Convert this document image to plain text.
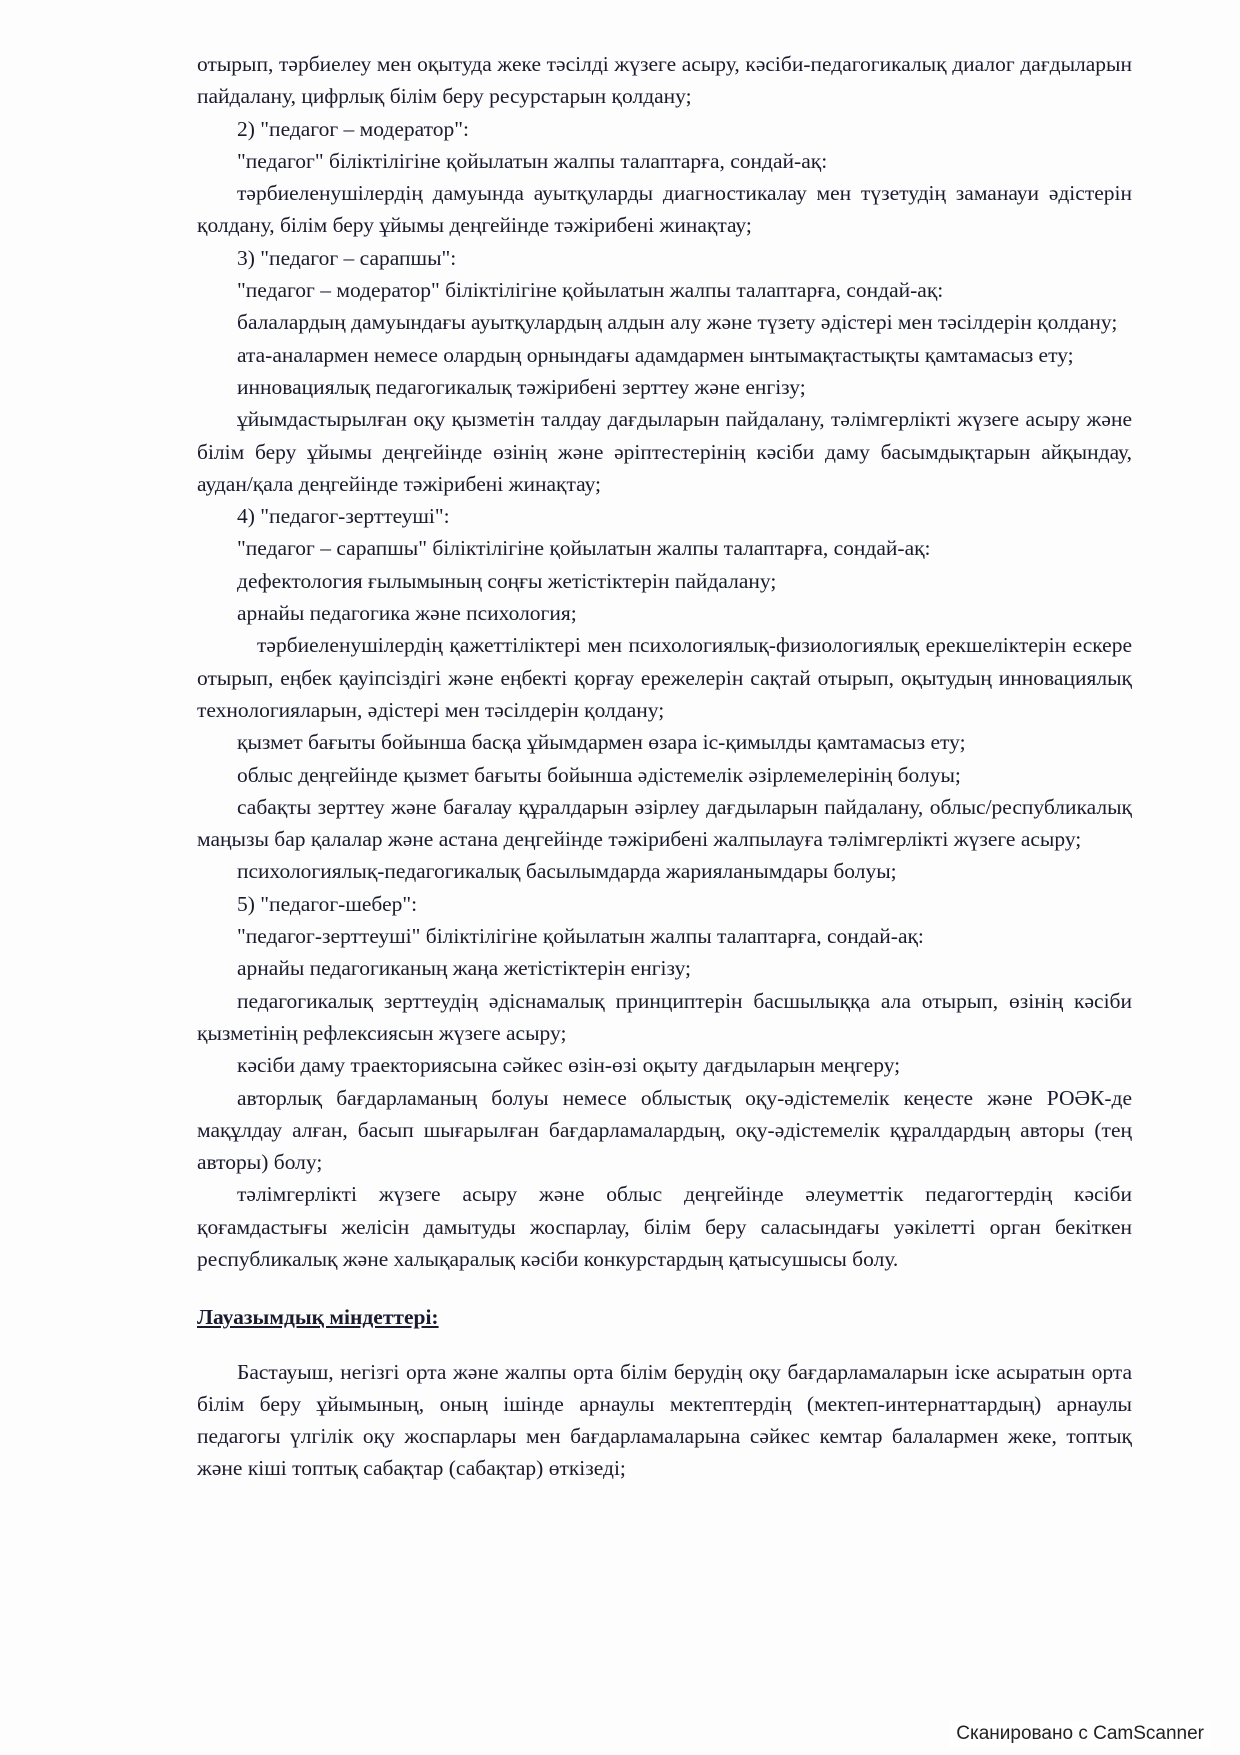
отырып, тәрбиелеу мен оқытуда жеке тәсілді жүзеге асыру, кәсіби-педагогикалық диалог дағдыларын пайдалану, цифрлық білім беру ресурстарын қолдану;

2) "педагог – модератор":

"педагог" біліктілігіне қойылатын жалпы талаптарға, сондай-ақ:

тәрбиеленушілердің дамуында ауытқуларды диагностикалау мен түзетудің заманауи әдістерін қолдану, білім беру ұйымы деңгейінде тәжірибені жинақтау;

3) "педагог – сарапшы":

"педагог – модератор" біліктілігіне қойылатын жалпы талаптарға, сондай-ақ:

балалардың дамуындағы ауытқулардың алдын алу және түзету әдістері мен тәсілдерін қолдану;

ата-аналармен немесе олардың орнындағы адамдармен ынтымақтастықты қамтамасыз ету;

инновациялық педагогикалық тәжірибені зерттеу және енгізу;

ұйымдастырылған оқу қызметін талдау дағдыларын пайдалану, тәлімгерлікті жүзеге асыру және білім беру ұйымы деңгейінде өзінің және әріптестерінің кәсіби даму басымдықтарын айқындау, аудан/қала деңгейінде тәжірибені жинақтау;

4) "педагог-зерттеуші":

"педагог – сарапшы" біліктілігіне қойылатын жалпы талаптарға, сондай-ақ:

дефектология ғылымының соңғы жетістіктерін пайдалану;

арнайы педагогика және психология;

тәрбиеленушілердің қажеттіліктері мен психологиялық-физиологиялық ерекшеліктерін ескере отырып, еңбек қауіпсіздігі және еңбекті қорғау ережелерін сақтай отырып, оқытудың инновациялық технологияларын, әдістері мен тәсілдерін қолдану;

қызмет бағыты бойынша басқа ұйымдармен өзара іс-қимылды қамтамасыз ету;

облыс деңгейінде қызмет бағыты бойынша әдістемелік әзірлемелерінің болуы;

сабақты зерттеу және бағалау құралдарын әзірлеу дағдыларын пайдалану, облыс/республикалық маңызы бар қалалар және астана деңгейінде тәжірибені жалпылауға тәлімгерлікті жүзеге асыру;

психологиялық-педагогикалық басылымдарда жарияланымдары болуы;

5) "педагог-шебер":

"педагог-зерттеуші" біліктілігіне қойылатын жалпы талаптарға, сондай-ақ:

арнайы педагогиканың жаңа жетістіктерін енгізу;

педагогикалық зерттеудің әдіснамалық принциптерін басшылыққа ала отырып, өзінің кәсіби қызметінің рефлексиясын жүзеге асыру;

кәсіби даму траекториясына сәйкес өзін-өзі оқыту дағдыларын меңгеру;

авторлық бағдарламаның болуы немесе облыстық оқу-әдістемелік кеңесте және РОӘК-де мақұлдау алған, басып шығарылған бағдарламалардың, оқу-әдістемелік құралдардың авторы (тең авторы) болу;

тәлімгерлікті жүзеге асыру және облыс деңгейінде әлеуметтік педагогтердің кәсіби қоғамдастығы желісін дамытуды жоспарлау, білім беру саласындағы уәкілетті орган бекіткен республикалық және халықаралық кәсіби конкурстардың қатысушысы болу.

Лауазымдық міндеттері:

Бастауыш, негізгі орта және жалпы орта білім берудің оқу бағдарламаларын іске асыратын орта білім беру ұйымының, оның ішінде арнаулы мектептердің (мектеп-интернаттардың) арнаулы педагогы үлгілік оқу жоспарлары мен бағдарламаларына сәйкес кемтар балалармен жеке, топтық және кіші топтық сабақтар (сабақтар) өткізеді;

Сканировано с CamScanner
